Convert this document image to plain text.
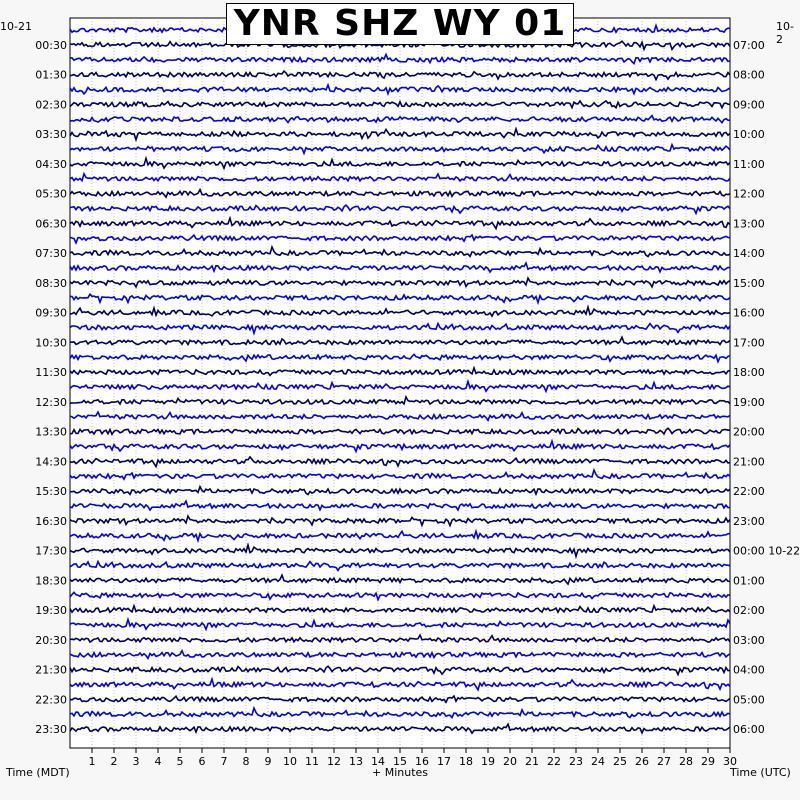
1 2 3 4 5 6 7 8 9 10 11 12 13 14 15 16 17 18 19 20 21 22 23 24 25 26 27 28 29 30
00:30
01:30
02:30
03:30
04:30
05:30
06:30
07:30
08:30
09:30
10:30
11:30
12:30
13:30
14:30
15:30
16:30
17:30
18:30
19:30
20:30
21:30
22:30
23:30
07:00
08:00
09:00
10:00
11:00
12:00
13:00
14:00
15:00
16:00
17:00
18:00
19:00
20:00
21:00
22:00
23:00
00:00 10-22
01:00
02:00
03:00
04:00
05:00
06:00
YNR SHZ WY 01
10-21	10-2
Time (MDT)	+ Minutes	Time (UTC)
